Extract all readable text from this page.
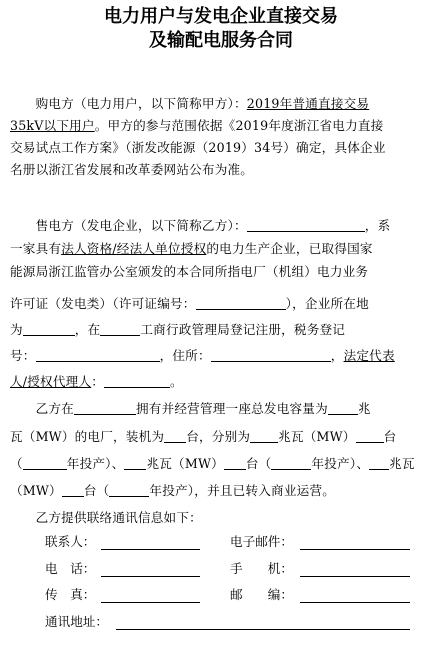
电力用户与发电企业直接交易
及输配电服务合同
　　购电方（电力用户，以下简称甲方）：2019年普通直接交易
35kV以下用户。甲方的参与范围依据《2019年度浙江省电力直接
交易试点工作方案》（浙发改能源（2019）34号）确定，具体企业
名册以浙江省发展和改革委网站公布为准。
　　售电方（发电企业，以下简称乙方）：	，系
一家具有法人资格/经法人单位授权的电力生产企业，已取得国家
能源局浙江监管办公室颁发的本合同所指电厂（机组）电力业务
许可证（发电类）（许可证编号：	），企业所在地
为	，在	工商行政管理局登记注册，税务登记
号：	，住所：	，法定代表
人/授权代理人：	。
　　乙方在	拥有并经营管理一座总发电容量为 兆
瓦（MW）的电厂，装机为 台，分别为 兆瓦（MW） 台
（	年投产）、 兆瓦（MW） 台（	年投产）、 兆瓦
（MW） 台（	年投产），并且已转入商业运营。
　　乙方提供联络通讯信息如下：
联系人：	电子邮件：
电　话：	手　　机：
传　真：	邮　　编：
通讯地址：
